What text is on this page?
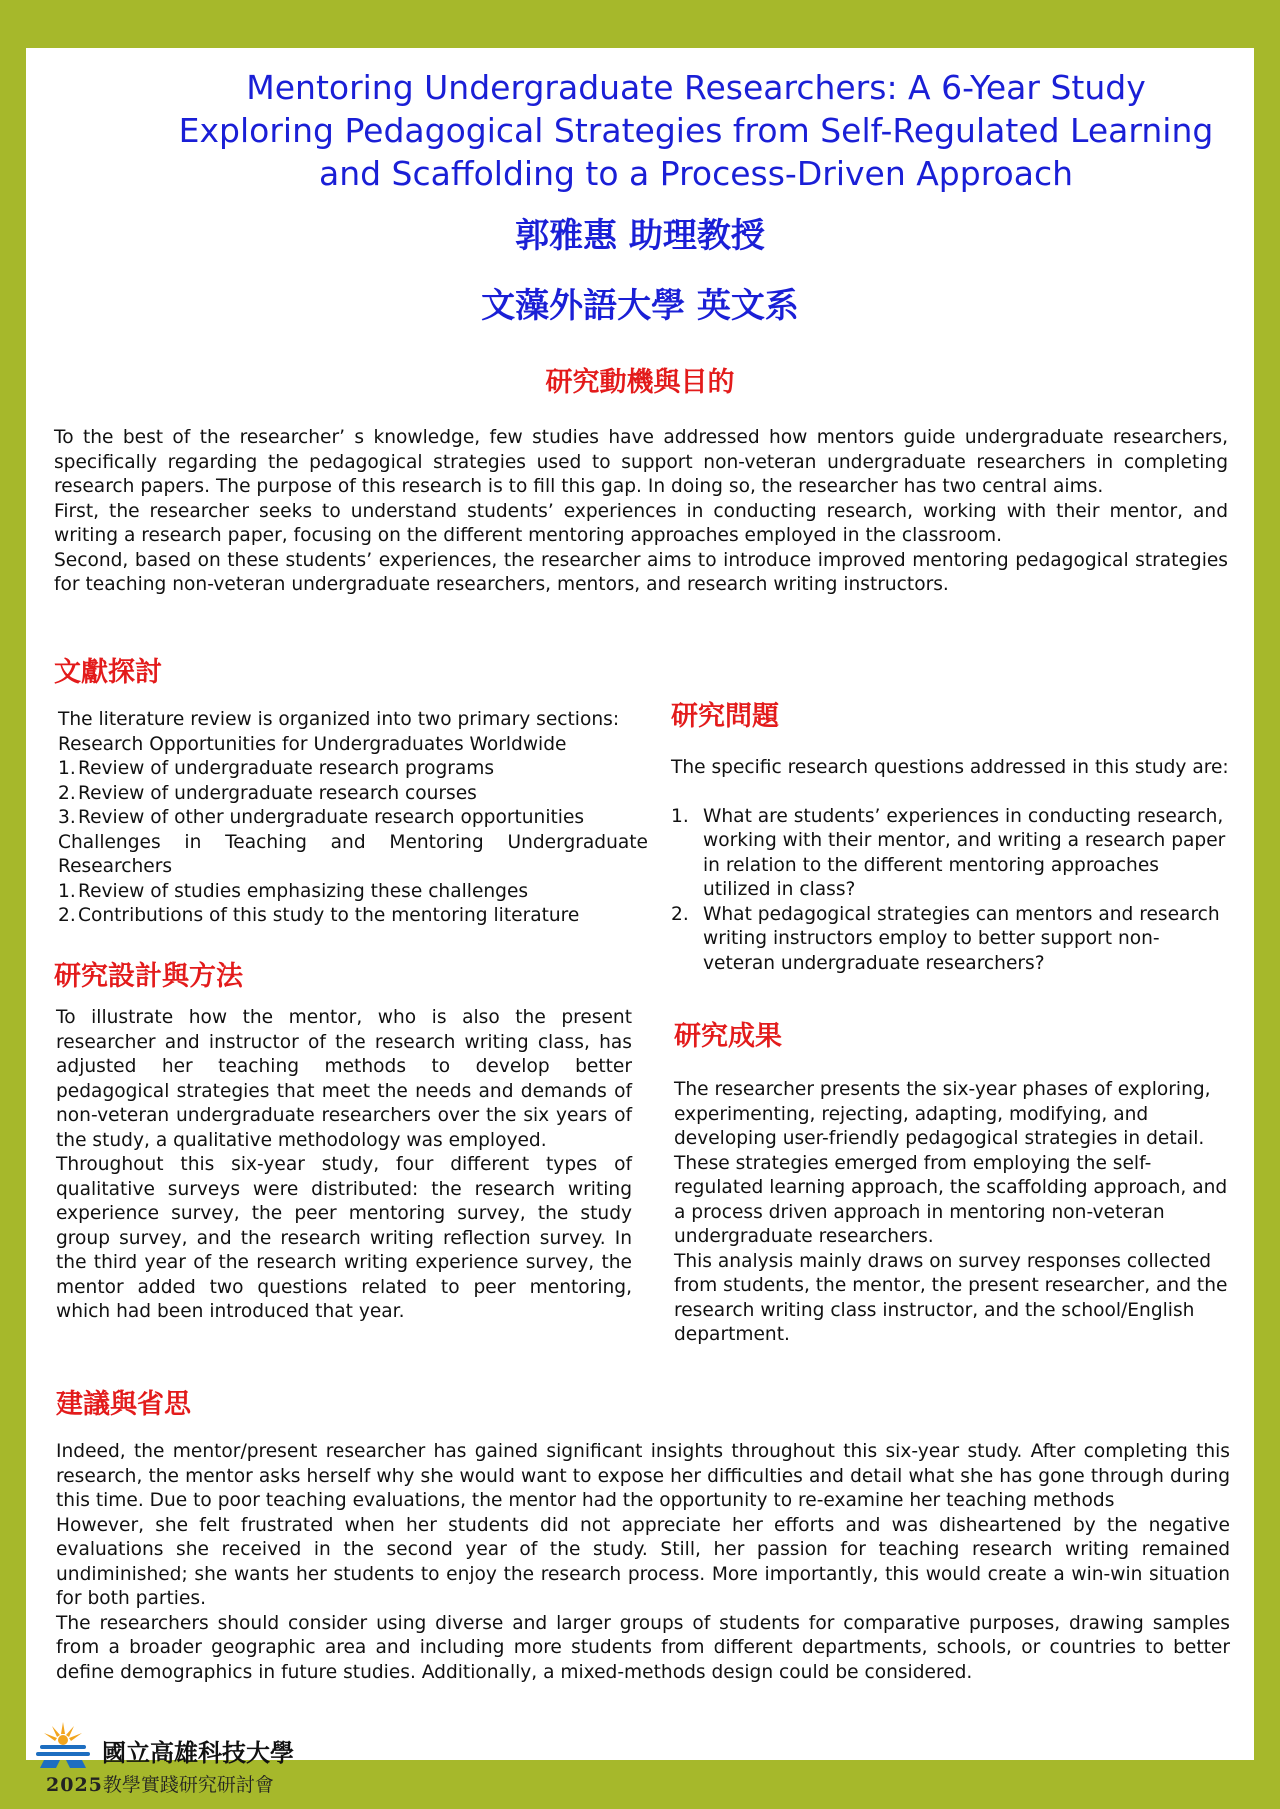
Mentoring Undergraduate Researchers: A 6-Year Study
Exploring Pedagogical Strategies from Self-Regulated Learning
and Scaffolding to a Process-Driven Approach
郭雅惠 助理教授
文藻外語大學 英文系
研究動機與目的

To the best of the researcher’ s knowledge, few studies have addressed how mentors guide undergraduate researchers, specifically regarding the pedagogical strategies used to support non-veteran undergraduate researchers in completing research papers. The purpose of this research is to fill this gap. In doing so, the researcher has two central aims.

First, the researcher seeks to understand students’ experiences in conducting research, working with their mentor, and writing a research paper, focusing on the different mentoring approaches employed in the classroom.

Second, based on these students’ experiences, the researcher aims to introduce improved mentoring pedagogical strategies for teaching non-veteran undergraduate researchers, mentors, and research writing instructors.

文獻探討

The literature review is organized into two primary sections:

Research Opportunities for Undergraduates Worldwide

1. Review of undergraduate research programs
2. Review of undergraduate research courses
3. Review of other undergraduate research opportunities

Challenges in Teaching and Mentoring Undergraduate Researchers

1. Review of studies emphasizing these challenges
2. Contributions of this study to the mentoring literature
研究設計與方法

To illustrate how the mentor, who is also the present researcher and instructor of the research writing class, has adjusted her teaching methods to develop better pedagogical strategies that meet the needs and demands of non-veteran undergraduate researchers over the six years of the study, a qualitative methodology was employed.

Throughout this six-year study, four different types of qualitative surveys were distributed: the research writing experience survey, the peer mentoring survey, the study group survey, and the research writing reflection survey. In the third year of the research writing experience survey, the mentor added two questions related to peer mentoring, which had been introduced that year.

研究問題

The specific research questions addressed in this study are:

1. What are students’ experiences in conducting research, working with their mentor, and writing a research paper in relation to the different mentoring approaches utilized in class?
2. What pedagogical strategies can mentors and research writing instructors employ to better support non-veteran undergraduate researchers?
研究成果

The researcher presents the six-year phases of exploring, experimenting, rejecting, adapting, modifying, and developing user-friendly pedagogical strategies in detail.

These strategies emerged from employing the self-regulated learning approach, the scaffolding approach, and a process driven approach in mentoring non-veteran undergraduate researchers.

This analysis mainly draws on survey responses collected from students, the mentor, the present researcher, and the research writing class instructor, and the school/English department.

建議與省思

Indeed, the mentor/present researcher has gained significant insights throughout this six-year study. After completing this research, the mentor asks herself why she would want to expose her difficulties and detail what she has gone through during this time. Due to poor teaching evaluations, the mentor had the opportunity to re-examine her teaching methods

However, she felt frustrated when her students did not appreciate her efforts and was disheartened by the negative evaluations she received in the second year of the study. Still, her passion for teaching research writing remained undiminished; she wants her students to enjoy the research process. More importantly, this would create a win-win situation for both parties.

The researchers should consider using diverse and larger groups of students for comparative purposes, drawing samples from a broader geographic area and including more students from different departments, schools, or countries to better define demographics in future studies. Additionally, a mixed-methods design could be considered.

國立高雄科技大學
2025教學實踐研究研討會
